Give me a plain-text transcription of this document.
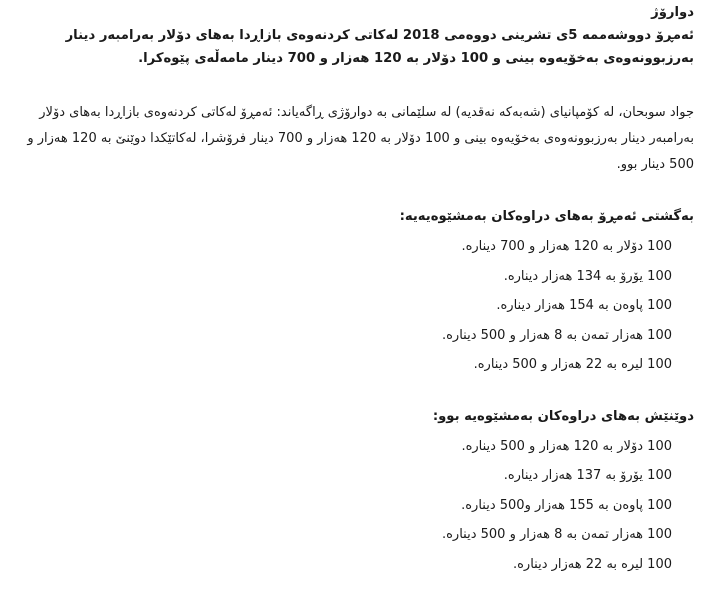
دوارۆژ

ئەمڕۆ دووشەممە 5ی تشرینی دووەمی 2018 لەکاتی کردنەوەی بازاڕدا بەهای دۆلار بەرامبەر دینار بەرزبوونەوەی بەخۆیەوە بینی و 100 دۆلار بە 120 هەزار و 700 دینار مامەڵەی پێوەکرا.

جواد سوبحان، لە کۆمپانیای (شەبەکە نەقدیە) لە سلێمانی بە دوارۆژی ڕاگەیاند: ئەمڕۆ لەکاتی کردنەوەی بازاڕدا بەهای دۆلار بەرامبەر دینار بەرزبوونەوەی بەخۆیەوە بینی و 100 دۆلار بە 120 هەزار و 700 دینار فرۆشرا، لەکاتێکدا دوێنێ بە 120 هەزار و 500 دینار بوو.

بەگشتی ئەمڕۆ بەهای دراوەکان بەمشێوەیەیە:

100 دۆلار بە 120 هەزار و 700 دینارە.
100 یۆرۆ بە 134 هەزار دینارە.
100 پاوەن بە 154 هەزار دینارە.
100 هەزار تمەن بە 8 هەزار و 500 دینارە.
100 لیرە بە 22 هەزار و 500 دینارە.

دوێنێش بەهای دراوەکان بەمشێوەیە بوو:

100 دۆلار بە 120 هەزار و 500 دینارە.
100 یۆرۆ بە 137 هەزار دینارە.
100 پاوەن بە 155 هەزار و500 دینارە.
100 هەزار تمەن بە 8 هەزار و 500 دینارە.
100 لیرە بە 22 هەزار دینارە.
